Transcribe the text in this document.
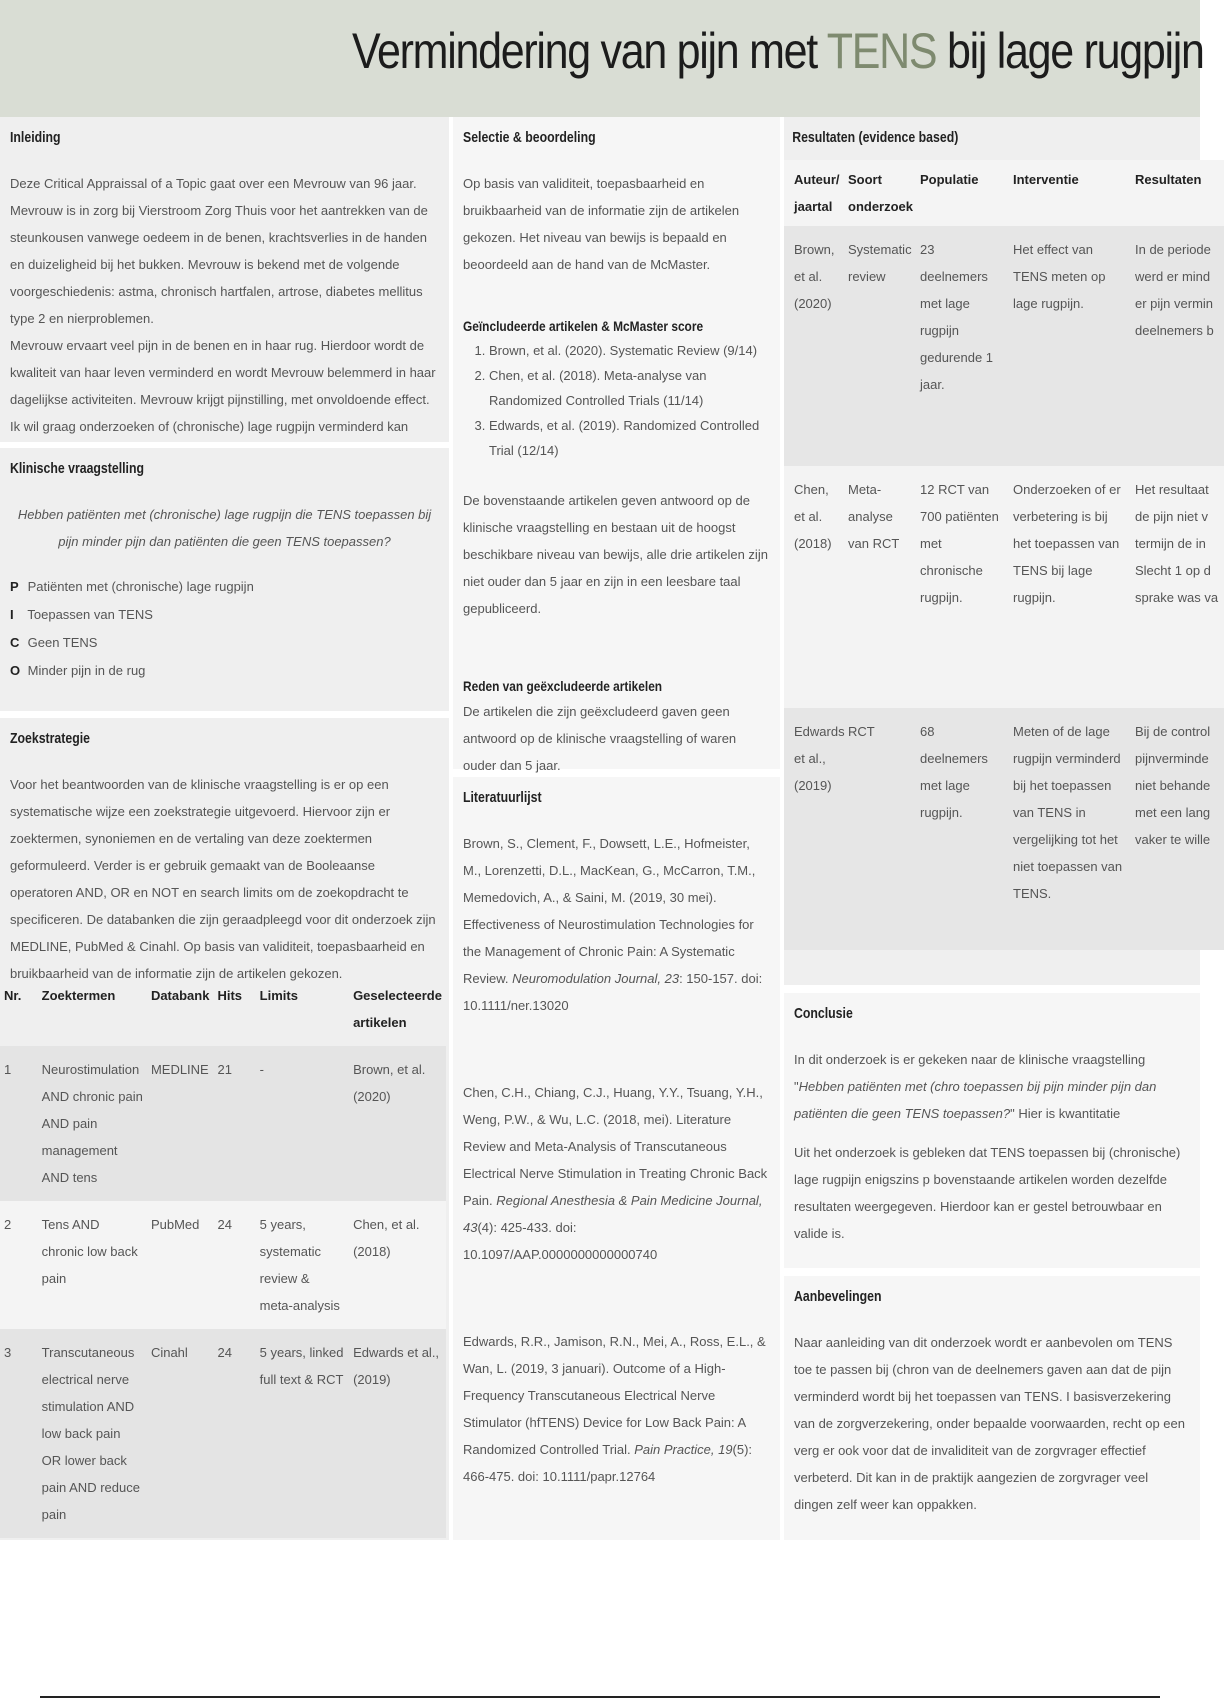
Vermindering van pijn met TENS bij lage rugpijn
Inleiding

Deze Critical Appraissal of a Topic gaat over een Mevrouw van 96 jaar. Mevrouw is in zorg bij Vierstroom Zorg Thuis voor het aantrekken van de steunkousen vanwege oedeem in de benen, krachtsverlies in de handen en duizeligheid bij het bukken. Mevrouw is bekend met de volgende voorgeschiedenis: astma, chronisch hartfalen, artrose, diabetes mellitus type 2 en nierproblemen.

Mevrouw ervaart veel pijn in de benen en in haar rug. Hierdoor wordt de kwaliteit van haar leven verminderd en wordt Mevrouw belemmerd in haar dagelijkse activiteiten. Mevrouw krijgt pijnstilling, met onvoldoende effect. Ik wil graag onderzoeken of (chronische) lage rugpijn verminderd kan

Klinische vraagstelling

Hebben patiënten met (chronische) lage rugpijn die TENS toepassen bij pijn minder pijn dan patiënten die geen TENS toepassen?

P Patiënten met (chronische) lage rugpijn
I Toepassen van TENS
C Geen TENS
O Minder pijn in de rug
Zoekstrategie

Voor het beantwoorden van de klinische vraagstelling is er op een systematische wijze een zoekstrategie uitgevoerd. Hiervoor zijn er zoektermen, synoniemen en de vertaling van deze zoektermen geformuleerd. Verder is er gebruik gemaakt van de Booleaanse operatoren AND, OR en NOT en search limits om de zoekopdracht te specificeren. De databanken die zijn geraadpleegd voor dit onderzoek zijn MEDLINE, PubMed & Cinahl. Op basis van validiteit, toepasbaarheid en bruikbaarheid van de informatie zijn de artikelen gekozen.

Nr.	Zoektermen	Databank	Hits	Limits	Geselecteerde artikelen
1	Neurostimulation AND chronic pain AND pain management AND tens	MEDLINE	21	-	Brown, et al. (2020)
2	Tens AND chronic low back pain	PubMed	24	5 years, systematic review & meta-analysis	Chen, et al. (2018)
3	Transcutaneous electrical nerve stimulation AND low back pain OR lower back pain AND reduce pain	Cinahl	24	5 years, linked full text & RCT	Edwards et al., (2019)
Selectie & beoordeling

Op basis van validiteit, toepasbaarheid en bruikbaarheid van de informatie zijn de artikelen gekozen. Het niveau van bewijs is bepaald en beoordeeld aan de hand van de McMaster.

Geïncludeerde artikelen & McMaster score
1. Brown, et al. (2020). Systematic Review (9/14)
2. Chen, et al. (2018). Meta-analyse van Randomized Controlled Trials (11/14)
3. Edwards, et al. (2019). Randomized Controlled Trial (12/14)

De bovenstaande artikelen geven antwoord op de klinische vraagstelling en bestaan uit de hoogst beschikbare niveau van bewijs, alle drie artikelen zijn niet ouder dan 5 jaar en zijn in een leesbare taal gepubliceerd.

Reden van geëxcludeerde artikelen

De artikelen die zijn geëxcludeerd gaven geen antwoord op de klinische vraagstelling of waren ouder dan 5 jaar.

Literatuurlijst

Brown, S., Clement, F., Dowsett, L.E., Hofmeister, M., Lorenzetti, D.L., MacKean, G., McCarron, T.M., Memedovich, A., & Saini, M. (2019, 30 mei). Effectiveness of Neurostimulation Technologies for the Management of Chronic Pain: A Systematic Review. Neuromodulation Journal, 23: 150-157. doi: 10.1111/ner.13020

Chen, C.H., Chiang, C.J., Huang, Y.Y., Tsuang, Y.H., Weng, P.W., & Wu, L.C. (2018, mei). Literature Review and Meta-Analysis of Transcutaneous Electrical Nerve Stimulation in Treating Chronic Back Pain. Regional Anesthesia & Pain Medicine Journal, 43(4): 425-433. doi: 10.1097/AAP.0000000000000740

Edwards, R.R., Jamison, R.N., Mei, A., Ross, E.L., & Wan, L. (2019, 3 januari). Outcome of a High-Frequency Transcutaneous Electrical Nerve Stimulator (hfTENS) Device for Low Back Pain: A Randomized Controlled Trial. Pain Practice, 19(5): 466-475. doi: 10.1111/papr.12764

Resultaten (evidence based)
Auteur/ jaartal	Soort onderzoek	Populatie	Interventie	Resultaten
Brown, et al. (2020)	Systematic review	23 deelnemers met lage rugpijn gedurende 1 jaar.	Het effect van TENS meten op lage rugpijn.	In de periode werd er mind er pijn vermin deelnemers b
Chen, et al. (2018)	Meta-analyse van RCT	12 RCT van 700 patiënten met chronische rugpijn.	Onderzoeken of er verbetering is bij het toepassen van TENS bij lage rugpijn.	Het resultaat de pijn niet v termijn de in Slecht 1 op d sprake was va
Edwards et al., (2019)	RCT	68 deelnemers met lage rugpijn.	Meten of de lage rugpijn verminderd bij het toepassen van TENS in vergelijking tot het niet toepassen van TENS.	Bij de control pijnverminde niet behande met een lang vaker te wille
Conclusie

In dit onderzoek is er gekeken naar de klinische vraagstelling "Hebben patiënten met (chro toepassen bij pijn minder pijn dan patiënten die geen TENS toepassen?" Hier is kwantitatie

Uit het onderzoek is gebleken dat TENS toepassen bij (chronische) lage rugpijn enigszins p bovenstaande artikelen worden dezelfde resultaten weergegeven. Hierdoor kan er gestel betrouwbaar en valide is.

Aanbevelingen

Naar aanleiding van dit onderzoek wordt er aanbevolen om TENS toe te passen bij (chron van de deelnemers gaven aan dat de pijn verminderd wordt bij het toepassen van TENS. I basisverzekering van de zorgverzekering, onder bepaalde voorwaarden, recht op een verg er ook voor dat de invaliditeit van de zorgvrager effectief verbeterd. Dit kan in de praktijk aangezien de zorgvrager veel dingen zelf weer kan oppakken.
